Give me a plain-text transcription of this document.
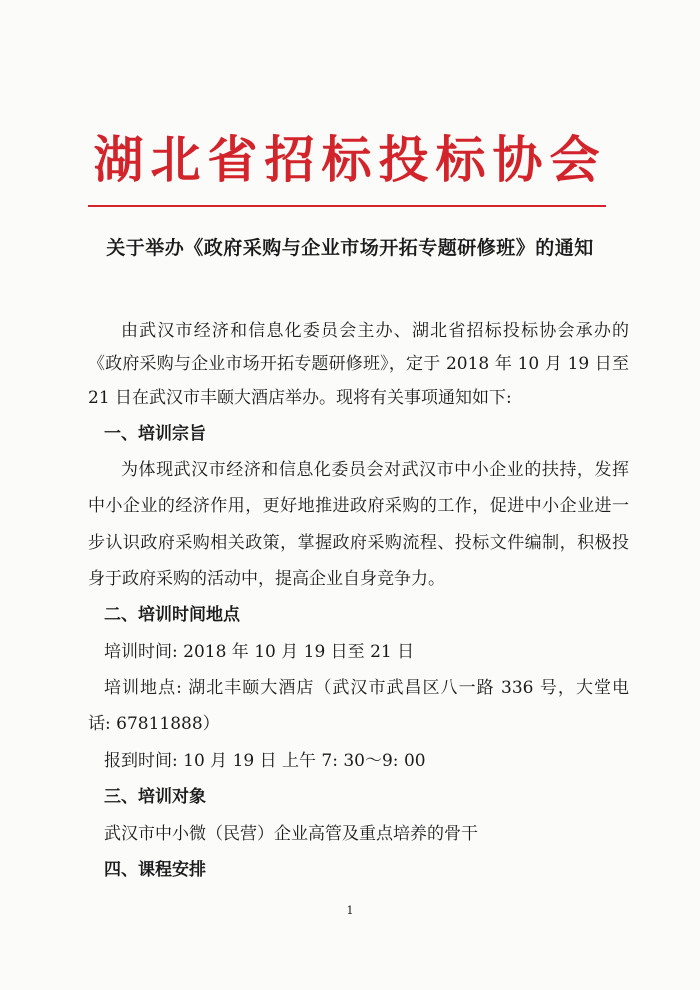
湖北省招标投标协会
关于举办《政府采购与企业市场开拓专题研修班》的通知
由武汉市经济和信息化委员会主办、湖北省招标投标协会承办的
《政府采购与企业市场开拓专题研修班》，定于 2018 年 10 月 19 日至
21 日在武汉市丰颐大酒店举办。现将有关事项通知如下:
一、培训宗旨
为体现武汉市经济和信息化委员会对武汉市中小企业的扶持，发挥
中小企业的经济作用，更好地推进政府采购的工作，促进中小企业进一
步认识政府采购相关政策，掌握政府采购流程、投标文件编制，积极投
身于政府采购的活动中，提高企业自身竞争力。
二、培训时间地点
培训时间: 2018 年 10 月 19 日至 21 日
培训地点: 湖北丰颐大酒店（武汉市武昌区八一路 336 号，大堂电
话: 67811888）
报到时间: 10 月 19 日 上午 7: 30～9: 00
三、培训对象
武汉市中小微（民营）企业高管及重点培养的骨干
四、课程安排
1
